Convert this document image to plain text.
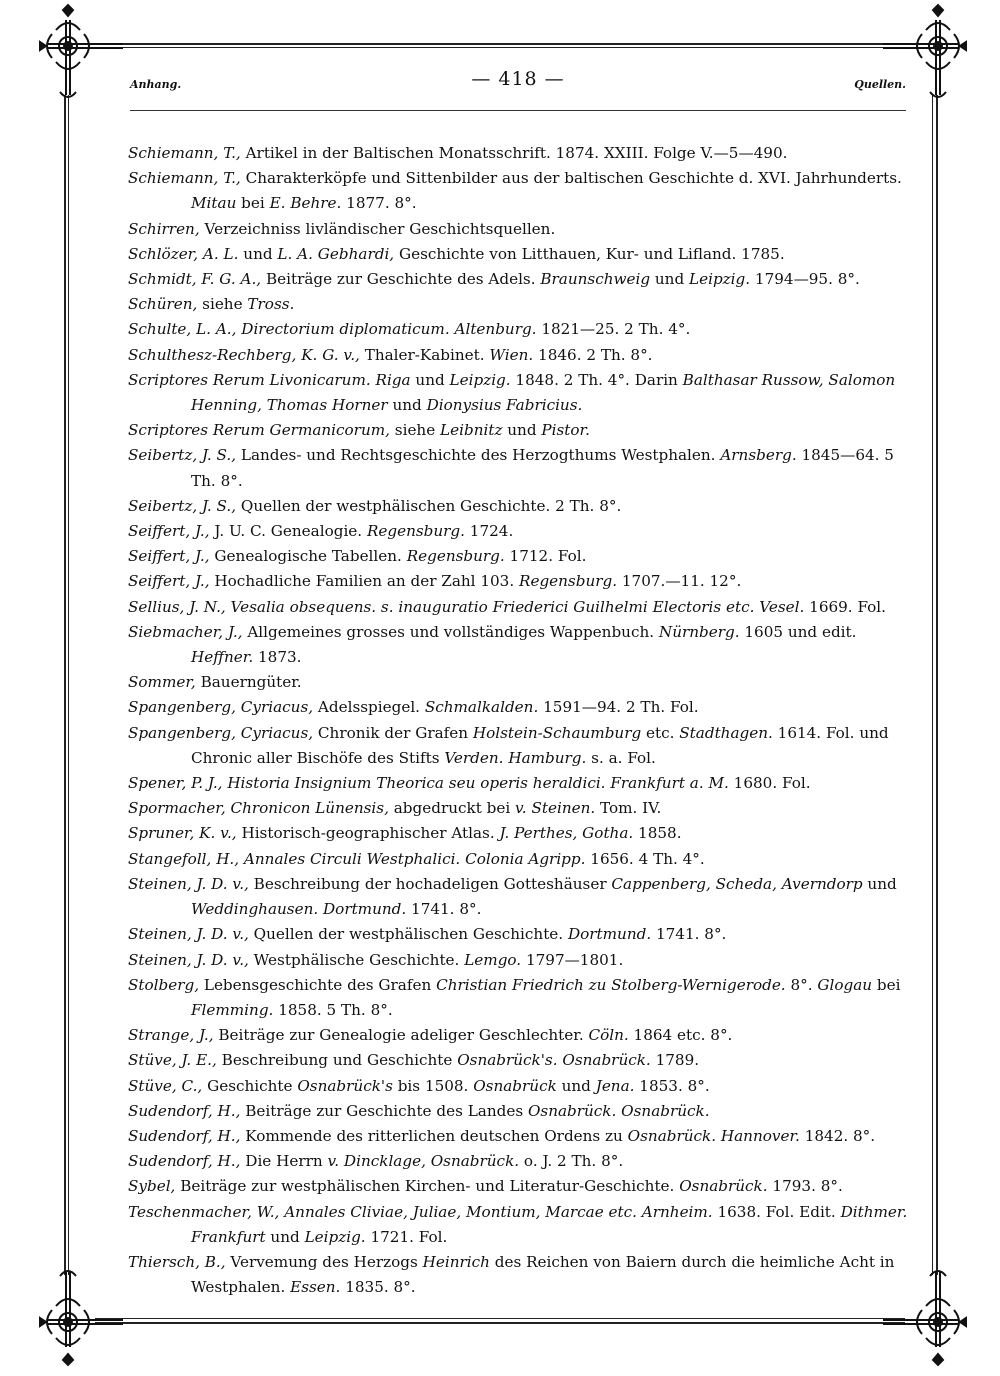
Anhang.	— 418 —	Quellen.

Schiemann, T., Artikel in der Baltischen Monatsschrift. 1874. XXIII. Folge V.—5—490.

Schiemann, T., Charakterköpfe und Sittenbilder aus der baltischen Geschichte d. XVI. Jahrhunderts. Mitau bei E. Behre. 1877. 8°.

Schirren, Verzeichniss livländischer Geschichtsquellen.

Schlözer, A. L. und L. A. Gebhardi, Geschichte von Litthauen, Kur- und Lifland. 1785.

Schmidt, F. G. A., Beiträge zur Geschichte des Adels. Braunschweig und Leipzig. 1794—95. 8°.

Schüren, siehe Tross.

Schulte, L. A., Directorium diplomaticum. Altenburg. 1821—25. 2 Th. 4°.

Schulthesz-Rechberg, K. G. v., Thaler-Kabinet. Wien. 1846. 2 Th. 8°.

Scriptores Rerum Livonicarum. Riga und Leipzig. 1848. 2 Th. 4°. Darin Balthasar Russow, Salomon Henning, Thomas Horner und Dionysius Fabricius.

Scriptores Rerum Germanicorum, siehe Leibnitz und Pistor.

Seibertz, J. S., Landes- und Rechtsgeschichte des Herzogthums Westphalen. Arnsberg. 1845—64. 5 Th. 8°.

Seibertz, J. S., Quellen der westphälischen Geschichte. 2 Th. 8°.

Seiffert, J., J. U. C. Genealogie. Regensburg. 1724.

Seiffert, J., Genealogische Tabellen. Regensburg. 1712. Fol.

Seiffert, J., Hochadliche Familien an der Zahl 103. Regensburg. 1707.—11. 12°.

Sellius, J. N., Vesalia obsequens. s. inauguratio Friederici Guilhelmi Electoris etc. Vesel. 1669. Fol.

Siebmacher, J., Allgemeines grosses und vollständiges Wappenbuch. Nürnberg. 1605 und edit. Heffner. 1873.

Sommer, Bauerngüter.

Spangenberg, Cyriacus, Adelsspiegel. Schmalkalden. 1591—94. 2 Th. Fol.

Spangenberg, Cyriacus, Chronik der Grafen Holstein-Schaumburg etc. Stadthagen. 1614. Fol. und Chronic aller Bischöfe des Stifts Verden. Hamburg. s. a. Fol.

Spener, P. J., Historia Insignium Theorica seu operis heraldici. Frankfurt a. M. 1680. Fol.

Spormacher, Chronicon Lünensis, abgedruckt bei v. Steinen. Tom. IV.

Spruner, K. v., Historisch-geographischer Atlas. J. Perthes, Gotha. 1858.

Stangefoll, H., Annales Circuli Westphalici. Colonia Agripp. 1656. 4 Th. 4°.

Steinen, J. D. v., Beschreibung der hochadeligen Gotteshäuser Cappenberg, Scheda, Averndorp und Weddinghausen. Dortmund. 1741. 8°.

Steinen, J. D. v., Quellen der westphälischen Geschichte. Dortmund. 1741. 8°.

Steinen, J. D. v., Westphälische Geschichte. Lemgo. 1797—1801.

Stolberg, Lebensgeschichte des Grafen Christian Friedrich zu Stolberg-Wernigerode. 8°. Glogau bei Flemming. 1858. 5 Th. 8°.

Strange, J., Beiträge zur Genealogie adeliger Geschlechter. Cöln. 1864 etc. 8°.

Stüve, J. E., Beschreibung und Geschichte Osnabrück's. Osnabrück. 1789.

Stüve, C., Geschichte Osnabrück's bis 1508. Osnabrück und Jena. 1853. 8°.

Sudendorf, H., Beiträge zur Geschichte des Landes Osnabrück. Osnabrück.

Sudendorf, H., Kommende des ritterlichen deutschen Ordens zu Osnabrück. Hannover. 1842. 8°.

Sudendorf, H., Die Herrn v. Dincklage, Osnabrück. o. J. 2 Th. 8°.

Sybel, Beiträge zur westphälischen Kirchen- und Literatur-Geschichte. Osnabrück. 1793. 8°.

Teschenmacher, W., Annales Cliviae, Juliae, Montium, Marcae etc. Arnheim. 1638. Fol. Edit. Dithmer. Frankfurt und Leipzig. 1721. Fol.

Thiersch, B., Vervemung des Herzogs Heinrich des Reichen von Baiern durch die heimliche Acht in Westphalen. Essen. 1835. 8°.
